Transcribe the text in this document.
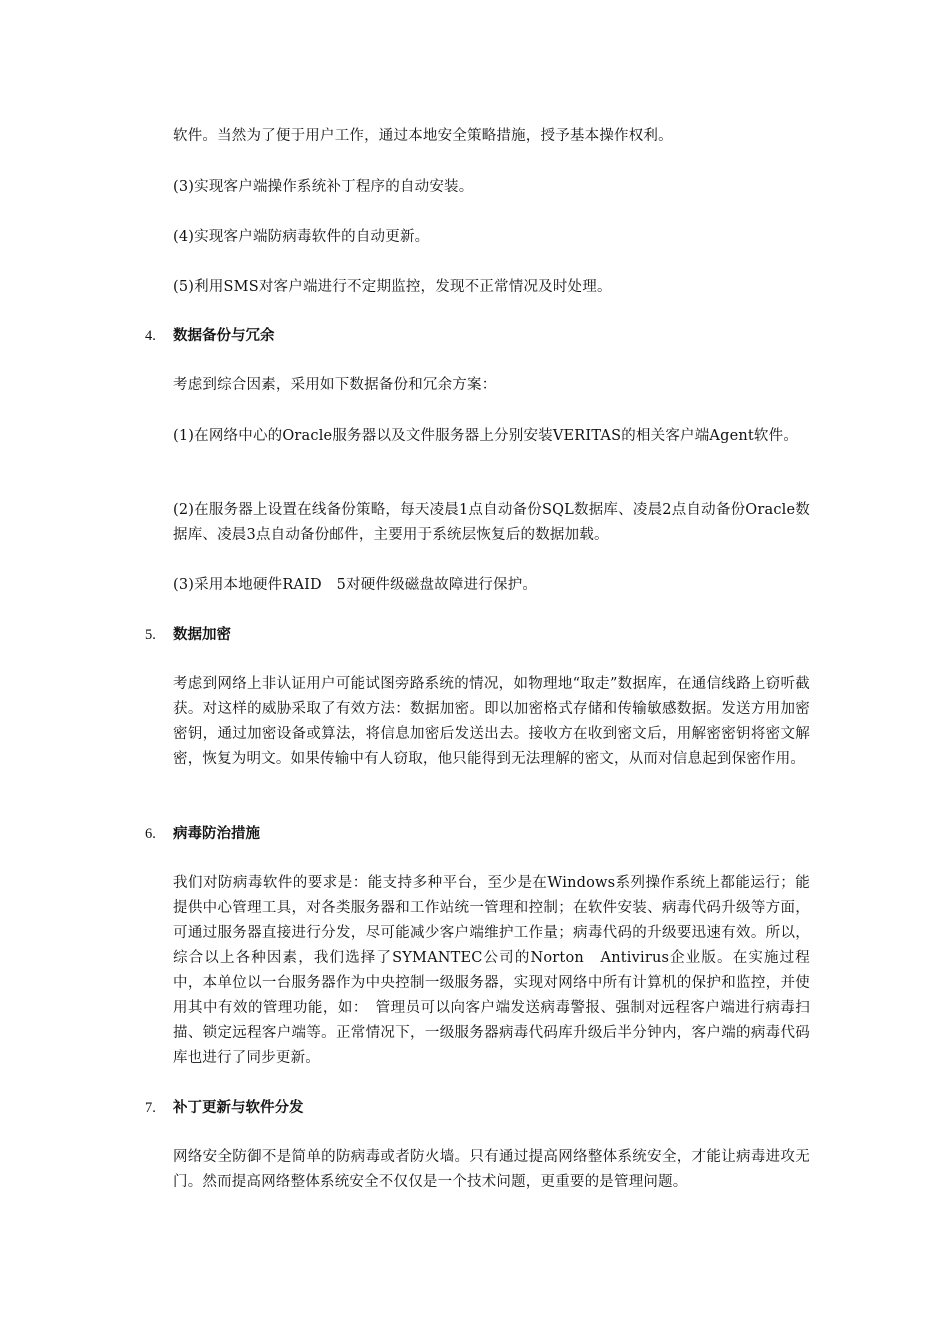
软件。当然为了便于用户工作，通过本地安全策略措施，授予基本操作权利。

(3)实现客户端操作系统补丁程序的自动安装。

(4)实现客户端防病毒软件的自动更新。

(5)利用SMS对客户端进行不定期监控，发现不正常情况及时处理。

4. 数据备份与冗余

考虑到综合因素，采用如下数据备份和冗余方案：

(1)在网络中心的Oracle服务器以及文件服务器上分别安装VERITAS的相关客户端Agent软件。

(2)在服务器上设置在线备份策略，每天凌晨1点自动备份SQL数据库、凌晨2点自动备份Oracle数据库、凌晨3点自动备份邮件，主要用于系统层恢复后的数据加载。

(3)采用本地硬件RAID　5对硬件级磁盘故障进行保护。

5. 数据加密

考虑到网络上非认证用户可能试图旁路系统的情况，如物理地“取走”数据库，在通信线路上窃听截获。对这样的威胁采取了有效方法：数据加密。即以加密格式存储和传输敏感数据。发送方用加密密钥，通过加密设备或算法，将信息加密后发送出去。接收方在收到密文后，用解密密钥将密文解密，恢复为明文。如果传输中有人窃取，他只能得到无法理解的密文，从而对信息起到保密作用。

6. 病毒防治措施

我们对防病毒软件的要求是：能支持多种平台，至少是在Windows系列操作系统上都能运行；能提供中心管理工具，对各类服务器和工作站统一管理和控制；在软件安装、病毒代码升级等方面，可通过服务器直接进行分发，尽可能减少客户端维护工作量；病毒代码的升级要迅速有效。所以，综合以上各种因素，我们选择了SYMANTEC公司的Norton　Antivirus企业版。在实施过程中，本单位以一台服务器作为中央控制一级服务器，实现对网络中所有计算机的保护和监控，并使用其中有效的管理功能，如：　管理员可以向客户端发送病毒警报、强制对远程客户端进行病毒扫描、锁定远程客户端等。正常情况下，一级服务器病毒代码库升级后半分钟内，客户端的病毒代码库也进行了同步更新。

7. 补丁更新与软件分发

网络安全防御不是简单的防病毒或者防火墙。只有通过提高网络整体系统安全，才能让病毒进攻无门。然而提高网络整体系统安全不仅仅是一个技术问题，更重要的是管理问题。
